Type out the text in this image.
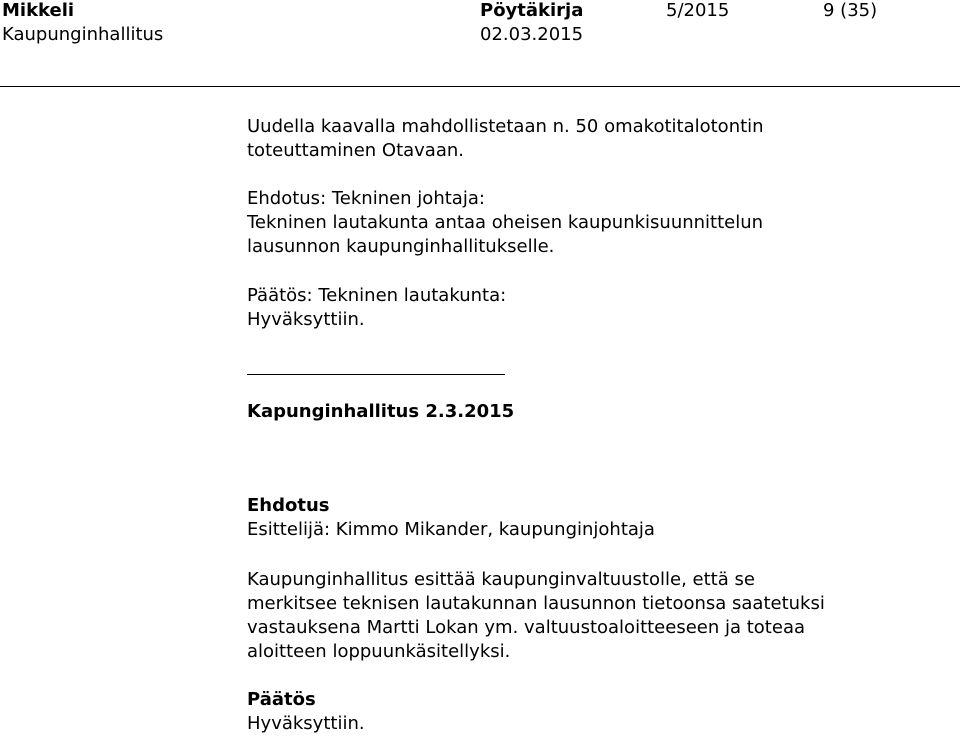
Mikkeli
Kaupunginhallitus
Pöytäkirja
02.03.2015
5/2015	9 (35)

Uudella kaavalla mahdollistetaan n. 50 omakotitalotontin

toteuttaminen Otavaan.

Ehdotus: Tekninen johtaja:

Tekninen lautakunta antaa oheisen kaupunkisuunnittelun

lausunnon kaupunginhallitukselle.

Päätös: Tekninen lautakunta:

Hyväksyttiin.

Kapunginhallitus 2.3.2015

Ehdotus

Esittelijä: Kimmo Mikander, kaupunginjohtaja

Kaupunginhallitus esittää kaupunginvaltuustolle, että se

merkitsee teknisen lautakunnan lausunnon tietoonsa saatetuksi

vastauksena Martti Lokan ym. valtuustoaloitteeseen ja toteaa

aloitteen loppuunkäsitellyksi.

Päätös

Hyväksyttiin.
